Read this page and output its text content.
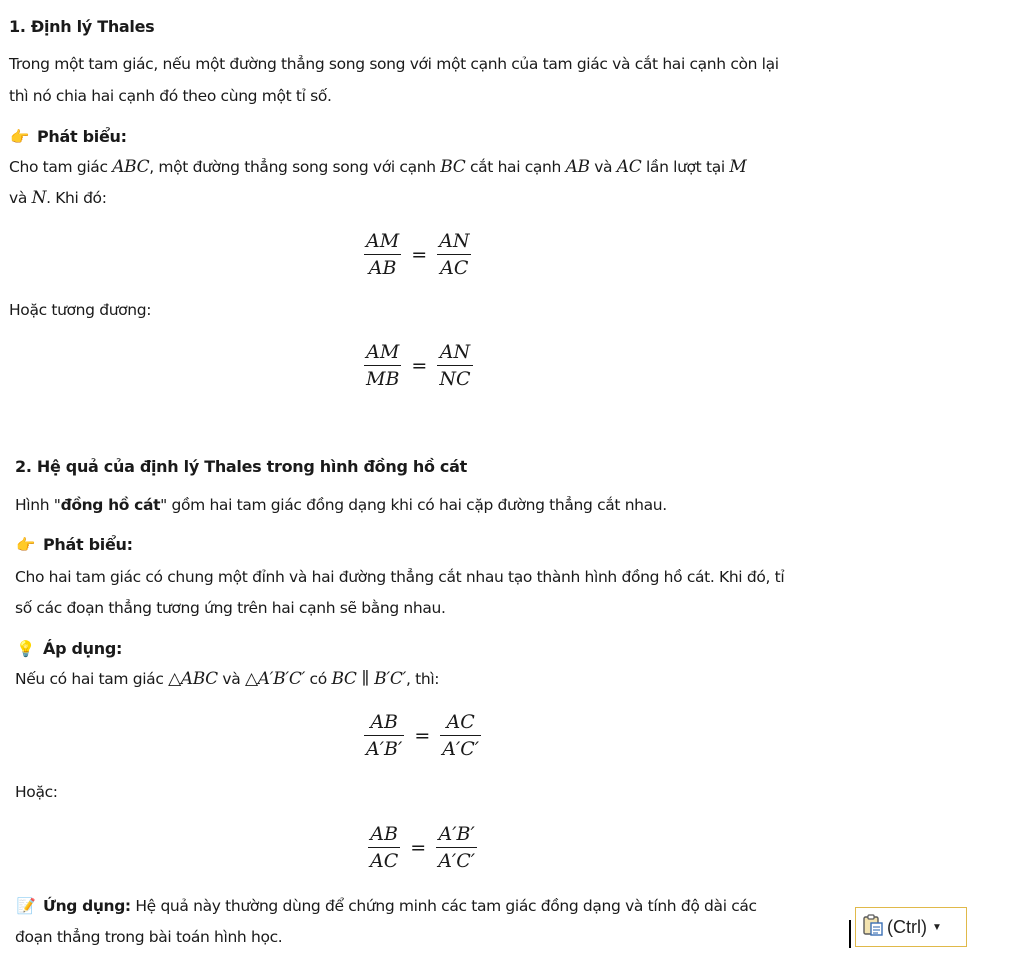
1. Định lý Thales
Trong một tam giác, nếu một đường thẳng song song với một cạnh của tam giác và cắt hai cạnh còn lại
thì nó chia hai cạnh đó theo cùng một tỉ số.
👉 Phát biểu:
Cho tam giác ABC, một đường thẳng song song với cạnh BC cắt hai cạnh AB và AC lần lượt tại M
và N. Khi đó:
$\frac{AM}{AB} = \frac{AN}{AC}$
Hoặc tương đương:
$\frac{AM}{MB} = \frac{AN}{NC}$
2. Hệ quả của định lý Thales trong hình đồng hồ cát
Hình "đồng hồ cát" gồm hai tam giác đồng dạng khi có hai cặp đường thẳng cắt nhau.
👉 Phát biểu:
Cho hai tam giác có chung một đỉnh và hai đường thẳng cắt nhau tạo thành hình đồng hồ cát. Khi đó, tỉ
số các đoạn thẳng tương ứng trên hai cạnh sẽ bằng nhau.
💡 Áp dụng:
Nếu có hai tam giác △ABC và △A′B′C′ có BC ∥ B′C′, thì:
$\frac{AB}{A'B'} = \frac{AC}{A'C'}$
Hoặc:
$\frac{AB}{AC} = \frac{A'B'}{A'C'}$
📝 Ứng dụng: Hệ quả này thường dùng để chứng minh các tam giác đồng dạng và tính độ dài các
đoạn thẳng trong bài toán hình học.
(Ctrl) ▼
